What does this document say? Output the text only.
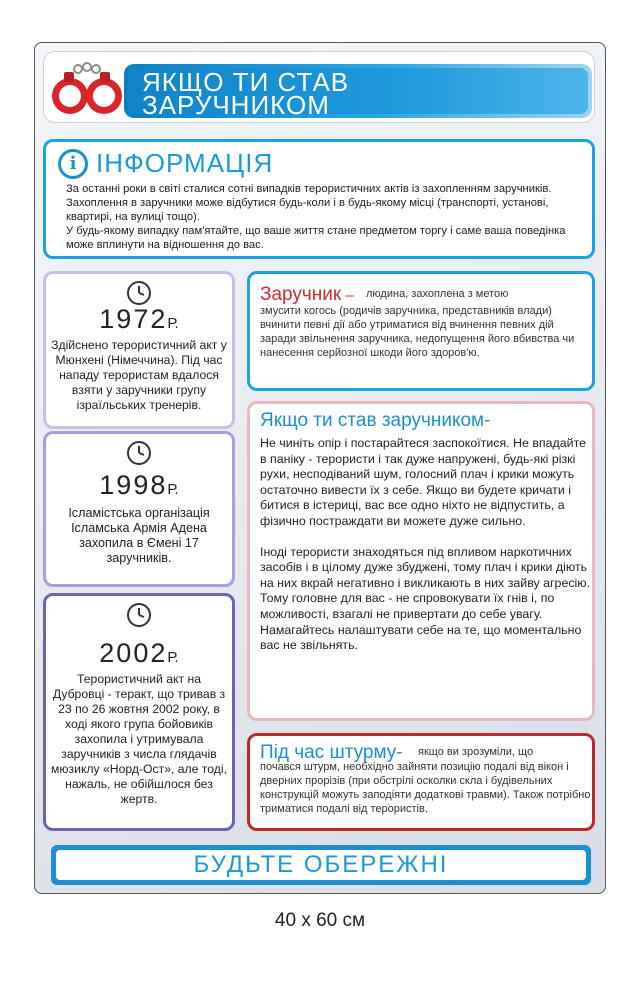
ЯКЩО ТИ СТАВ
ЗАРУЧНИКОМ
i ІНФОРМАЦІЯ
За останні роки в світі сталися сотні випадків терористичних актів із захопленням заручників. Захоплення в заручники може відбутися будь-коли і в будь-якому місці (транспорті, установі, квартирі, на вулиці тощо).
У будь-якому випадку пам'ятайте, що ваше життя стане предметом торгу і саме ваша поведінка може вплинути на відношення до вас.
1972Р.
Здійснено терористичний акт у Мюнхені (Німеччина). Під час нападу терористам вдалося взяти у заручники групу ізраїльських тренерів.
1998Р.
Ісламістська організація Ісламська Армія Адена захопила в Ємені 17 заручників.
2002Р.
Терористичний акт на Дубровці - теракт, що тривав з 23 по 26 жовтня 2002 року, в ході якого група бойовиків захопила і утримувала заручників з числа глядачів мюзиклу «Норд-Ост», але тоді, нажаль, не обійшлося без жертв.
Заручник – людина, захоплена з метою
змусити когось (родичів заручника, представників влади) вчинити певні дії або утриматися від вчинення певних дій заради звільнення заручника, недопущення його вбивства чи нанесення серйозної шкоди його здоров'ю.
Якщо ти став заручником-

Не чиніть опір і постарайтеся заспокоїтися. Не впадайте в паніку - терористи і так дуже напружені, будь-які різкі рухи, несподіваний шум, голосний плач і крики можуть остаточно вивести їх з себе. Якщо ви будете кричати і битися в істериці, вас все одно ніхто не відпустить, а фізично постраждати ви можете дуже сильно.

Іноді терористи знаходяться під впливом наркотичних засобів і в цілому дуже збуджені, тому плач і крики діють на них вкрай негативно і викликають в них зайву агресію. Тому головне для вас - не спровокувати їх гнів і, по можливості, взагалі не привертати до себе увагу.
Намагайтесь налаштувати себе на те, що моментально вас не звільнять.
Під час штурму- якщо ви зрозуміли, що
почався штурм, необхідно зайняти позицію подалі від вікон і дверних прорізів (при обстрілі осколки скла і будівельних конструкцій можуть заподіяти додаткові травми). Також потрібно триматися подалі від терористів.
БУДЬТЕ ОБЕРЕЖНІ
40 х 60 см
